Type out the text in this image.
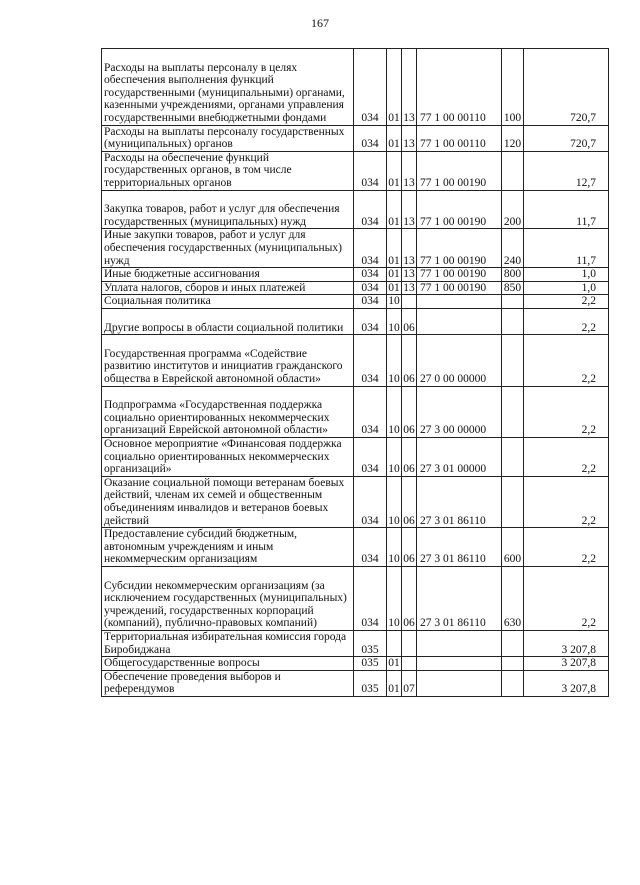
167
Расходы на выплаты персоналу в целях обеспечения выполнения функций государственными (муниципальными) органами, казенными учреждениями, органами управления государственными внебюджетными фондами	034	01	13	77 1 00 00110	100	720,7
Расходы на выплаты персоналу государственных (муниципальных) органов	034	01	13	77 1 00 00110	120	720,7
Расходы на обеспечение функций государственных органов, в том числе территориальных органов	034	01	13	77 1 00 00190		12,7
Закупка товаров, работ и услуг для обеспечения государственных (муниципальных) нужд	034	01	13	77 1 00 00190	200	11,7
Иные закупки товаров, работ и услуг для обеспечения государственных (муниципальных) нужд	034	01	13	77 1 00 00190	240	11,7
Иные бюджетные ассигнования	034	01	13	77 1 00 00190	800	1,0
Уплата налогов, сборов и иных платежей	034	01	13	77 1 00 00190	850	1,0
Социальная политика	034	10				2,2
Другие вопросы в области социальной политики	034	10	06			2,2
Государственная программа «Содействие развитию институтов и инициатив гражданского общества в Еврейской автономной области»	034	10	06	27 0 00 00000		2,2
Подпрограмма «Государственная поддержка социально ориентированных некоммерческих организаций Еврейской автономной области»	034	10	06	27 3 00 00000		2,2
Основное мероприятие «Финансовая поддержка социально ориентированных некоммерческих организаций»	034	10	06	27 3 01 00000		2,2
Оказание социальной помощи ветеранам боевых действий, членам их семей и общественным объединениям инвалидов и ветеранов боевых действий	034	10	06	27 3 01 86110		2,2
Предоставление субсидий бюджетным, автономным учреждениям и иным некоммерческим организациям	034	10	06	27 3 01 86110	600	2,2
Субсидии некоммерческим организациям (за исключением государственных (муниципальных) учреждений, государственных корпораций (компаний), публично-правовых компаний)	034	10	06	27 3 01 86110	630	2,2
Территориальная избирательная комиссия города Биробиджана	035					3 207,8
Общегосударственные вопросы	035	01				3 207,8
Обеспечение проведения выборов и референдумов	035	01	07			3 207,8
